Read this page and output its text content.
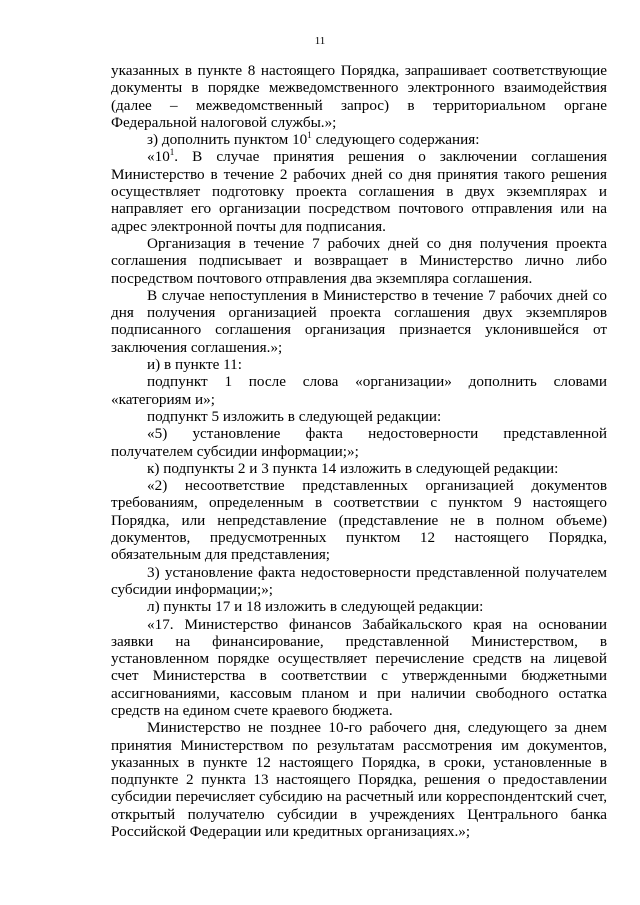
11

указанных в пункте 8 настоящего Порядка, запрашивает соответствующие документы в порядке межведомственного электронного взаимодействия (далее – межведомственный запрос) в территориальном органе Федеральной налоговой службы.»;

з) дополнить пунктом $10^1$ следующего содержания:

«$10^1$. В случае принятия решения о заключении соглашения Министерство в течение 2 рабочих дней со дня принятия такого решения осуществляет подготовку проекта соглашения в двух экземплярах и направляет его организации посредством почтового отправления или на адрес электронной почты для подписания.

Организация в течение 7 рабочих дней со дня получения проекта соглашения подписывает и возвращает в Министерство лично либо посредством почтового отправления два экземпляра соглашения.

В случае непоступления в Министерство в течение 7 рабочих дней со дня получения организацией проекта соглашения двух экземпляров подписанного соглашения организация признается уклонившейся от заключения соглашения.»;

и) в пункте 11:

подпункт 1 после слова «организации» дополнить словами «категориям и»;

подпункт 5 изложить в следующей редакции:

«5) установление факта недостоверности представленной получателем субсидии информации;»;

к) подпункты 2 и 3 пункта 14 изложить в следующей редакции:

«2) несоответствие представленных организацией документов требованиям, определенным в соответствии с пунктом 9 настоящего Порядка, или непредставление (представление не в полном объеме) документов, предусмотренных пунктом 12 настоящего Порядка, обязательным для представления;

3) установление факта недостоверности представленной получателем субсидии информации;»;

л) пункты 17 и 18 изложить в следующей редакции:

«17. Министерство финансов Забайкальского края на основании заявки на финансирование, представленной Министерством, в установленном порядке осуществляет перечисление средств на лицевой счет Министерства в соответствии с утвержденными бюджетными ассигнованиями, кассовым планом и при наличии свободного остатка средств на едином счете краевого бюджета.

Министерство не позднее 10-го рабочего дня, следующего за днем принятия Министерством по результатам рассмотрения им документов, указанных в пункте 12 настоящего Порядка, в сроки, установленные в подпункте 2 пункта 13 настоящего Порядка, решения о предоставлении субсидии перечисляет субсидию на расчетный или корреспондентский счет, открытый получателю субсидии в учреждениях Центрального банка Российской Федерации или кредитных организациях.»;
